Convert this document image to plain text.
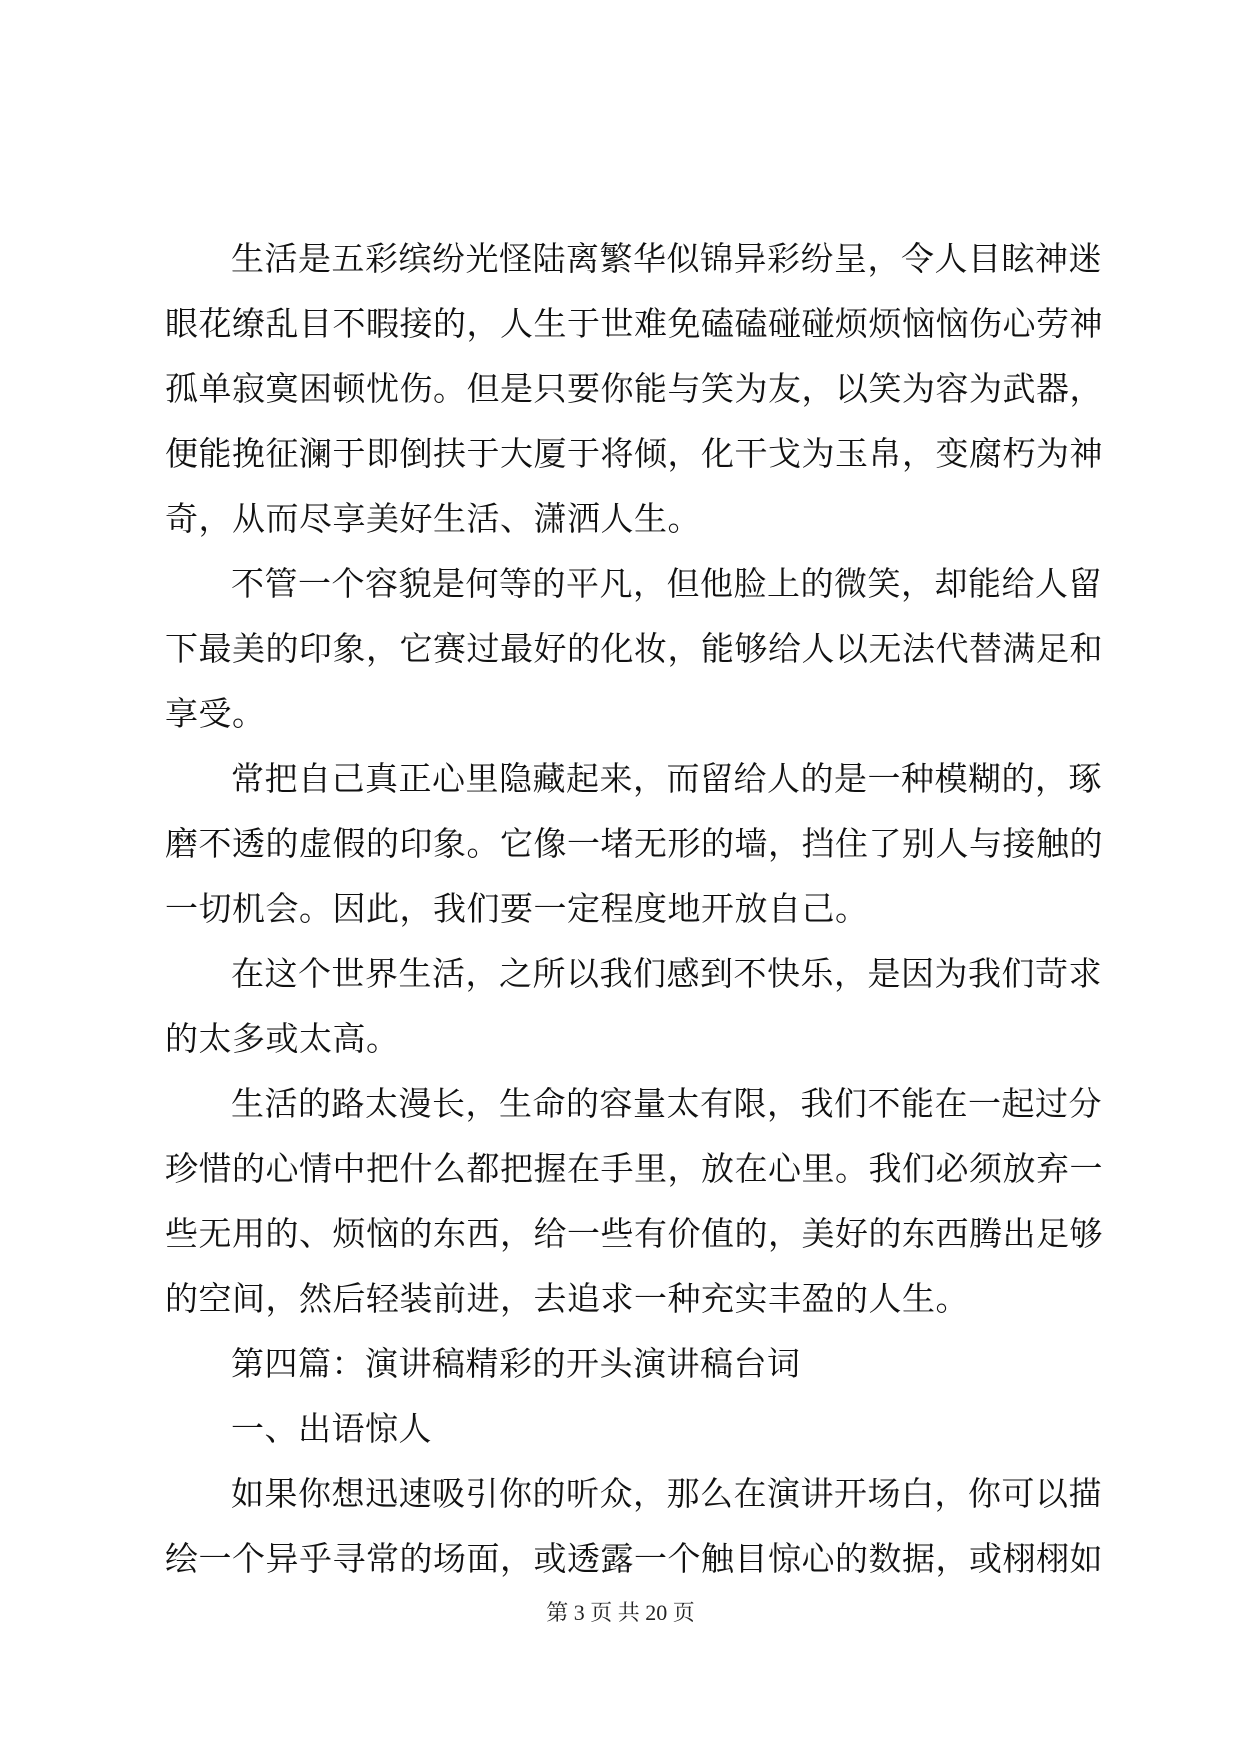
生活是五彩缤纷光怪陆离繁华似锦异彩纷呈，令人目眩神迷
眼花缭乱目不暇接的，人生于世难免磕磕碰碰烦烦恼恼伤心劳神
孤单寂寞困顿忧伤。但是只要你能与笑为友，以笑为容为武器，
便能挽征澜于即倒扶于大厦于将倾，化干戈为玉帛，变腐朽为神
奇，从而尽享美好生活、潇洒人生。
不管一个容貌是何等的平凡，但他脸上的微笑，却能给人留
下最美的印象，它赛过最好的化妆，能够给人以无法代替满足和
享受。
常把自己真正心里隐藏起来，而留给人的是一种模糊的，琢
磨不透的虚假的印象。它像一堵无形的墙，挡住了别人与接触的
一切机会。因此，我们要一定程度地开放自己。
在这个世界生活，之所以我们感到不快乐，是因为我们苛求
的太多或太高。
生活的路太漫长，生命的容量太有限，我们不能在一起过分
珍惜的心情中把什么都把握在手里，放在心里。我们必须放弃一
些无用的、烦恼的东西，给一些有价值的，美好的东西腾出足够
的空间，然后轻装前进，去追求一种充实丰盈的人生。
第四篇：演讲稿精彩的开头演讲稿台词
一、出语惊人
如果你想迅速吸引你的听众，那么在演讲开场白，你可以描
绘一个异乎寻常的场面，或透露一个触目惊心的数据，或栩栩如
第 3 页 共 20 页
